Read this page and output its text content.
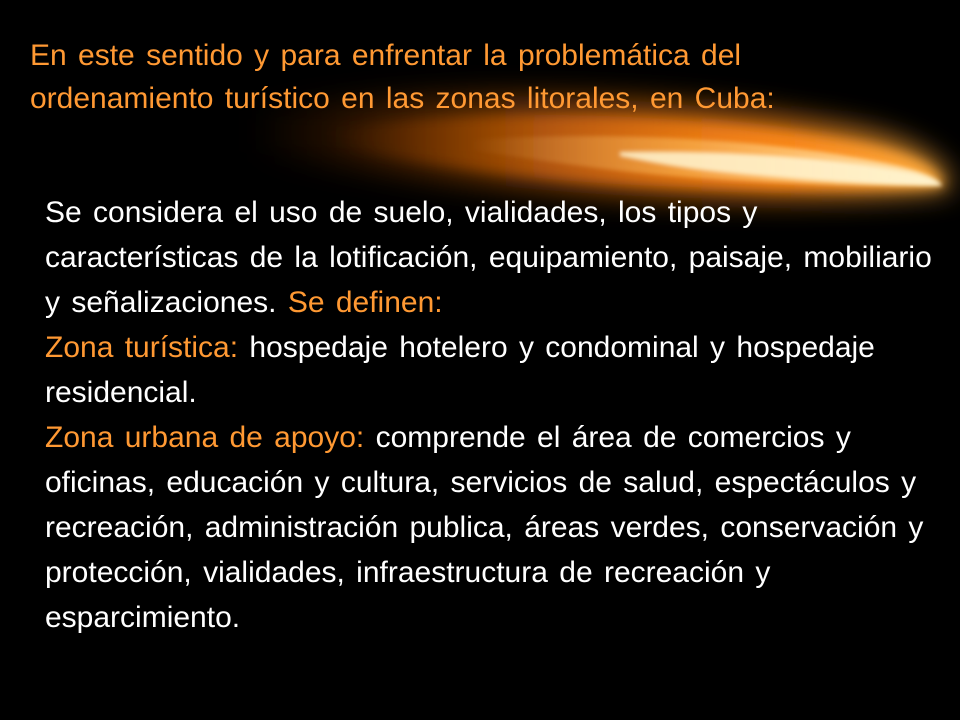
En este sentido y para enfrentar la problemática del ordenamiento turístico en las zonas litorales, en Cuba:

Se considera el uso de suelo, vialidades, los tipos y características de la lotificación, equipamiento, paisaje, mobiliario y señalizaciones. Se definen:

Zona turística: hospedaje hotelero y condominal y hospedaje residencial.

Zona urbana de apoyo: comprende el área de comercios y oficinas, educación y cultura, servicios de salud, espectáculos y recreación, administración publica, áreas verdes, conservación y protección, vialidades, infraestructura de recreación y esparcimiento.
